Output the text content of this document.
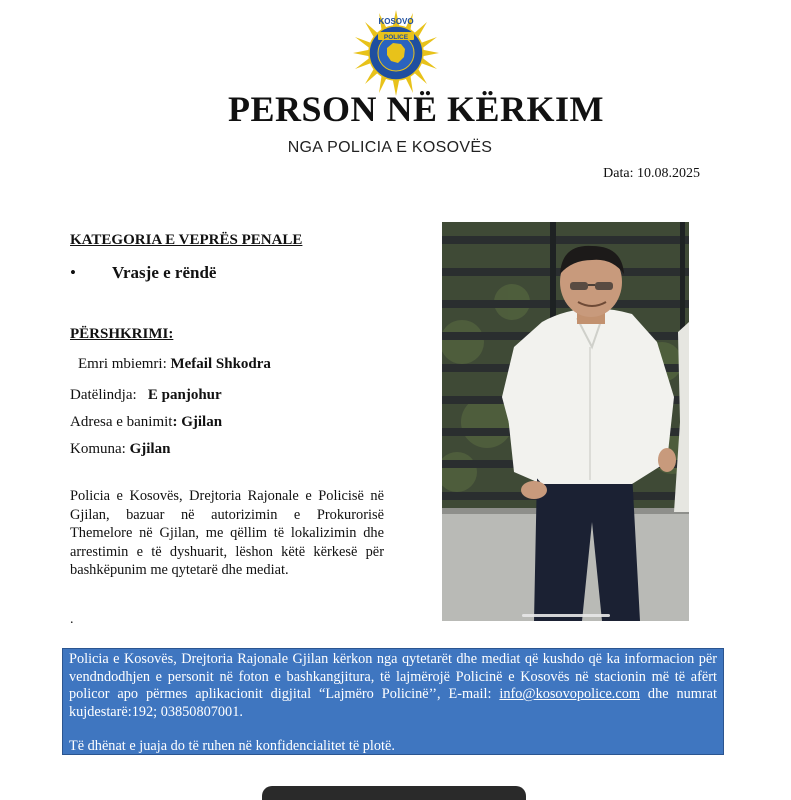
KOSOVO
POLICE
PERSON NË KËRKIM
NGA POLICIA E KOSOVËS
Data: 10.08.2025
KATEGORIA E VEPRËS PENALE
• Vrasje e rëndë
PËRSHKRIMI:
Emri mbiemri: Mefail Shkodra
Datëlindja: E panjohur
Adresa e banimit: Gjilan
Komuna: Gjilan
Policia e Kosovës, Drejtoria Rajonale e Policisë në Gjilan, bazuar në autorizimin e Prokurorisë Themelore në Gjilan, me qëllim të lokalizimin dhe arrestimin e të dyshuarit, lëshon këtë kërkesë për bashkëpunim me qytetarë dhe mediat.
.

Policia e Kosovës, Drejtoria Rajonale Gjilan kërkon nga qytetarët dhe mediat që kushdo që ka informacion për vendndodhjen e personit në foton e bashkangjitura, të lajmërojë Policinë e Kosovës në stacionin më të afërt policor apo përmes aplikacionit digjital “Lajmëro Policinë’’, E-mail: info@kosovopolice.com dhe numrat kujdestarë:192; 03850807001.

Të dhënat e juaja do të ruhen në konfidencialitet të plotë.
